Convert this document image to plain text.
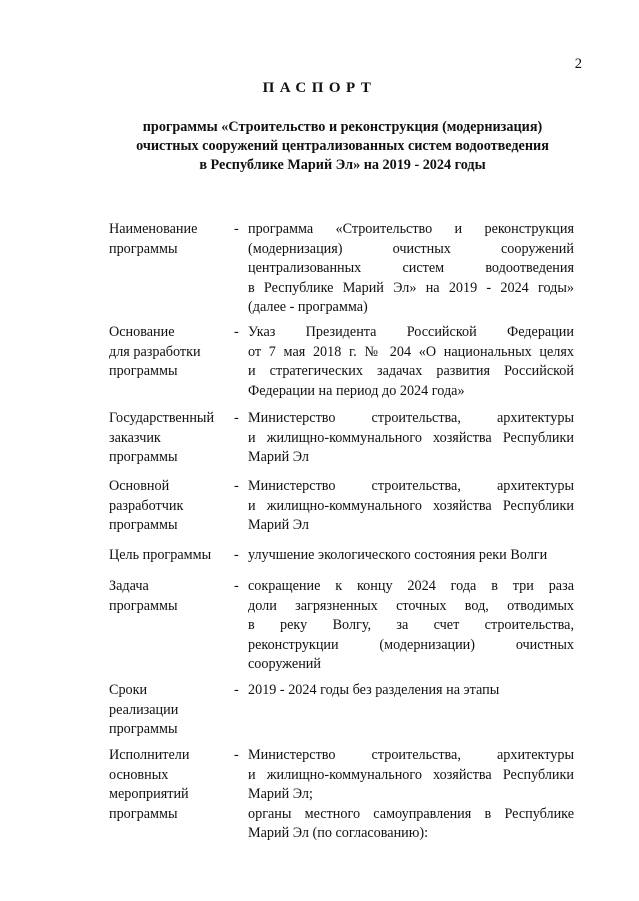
2
ПАСПОРТ
программы «Строительство и реконструкция (модернизация)
очистных сооружений централизованных систем водоотведения
в Республике Марий Эл» на 2019 - 2024 годы
Наименование
программы
- программа «Строительство и реконструкция
(модернизация) очистных сооружений
централизованных систем водоотведения
в Республике Марий Эл» на 2019 - 2024 годы»
(далее - программа)
Основание
для разработки
программы
- Указ Президента Российской Федерации
от 7 мая 2018 г. № 204 «О национальных целях
и стратегических задачах развития Российской
Федерации на период до 2024 года»
Государственный
заказчик
программы
- Министерство строительства, архитектуры
и жилищно-коммунального хозяйства Республики
Марий Эл
Основной
разработчик
программы
- Министерство строительства, архитектуры
и жилищно-коммунального хозяйства Республики
Марий Эл
Цель программы	- улучшение экологического состояния реки Волги
Задача
программы
- сокращение к концу 2024 года в три раза
доли загрязненных сточных вод, отводимых
в реку Волгу, за счет строительства,
реконструкции (модернизации) очистных
сооружений
Сроки
реализации
программы
- 2019 - 2024 годы без разделения на этапы
Исполнители
основных
мероприятий
программы
- Министерство строительства, архитектуры
и жилищно-коммунального хозяйства Республики
Марий Эл;
органы местного самоуправления в Республике
Марий Эл (по согласованию):
